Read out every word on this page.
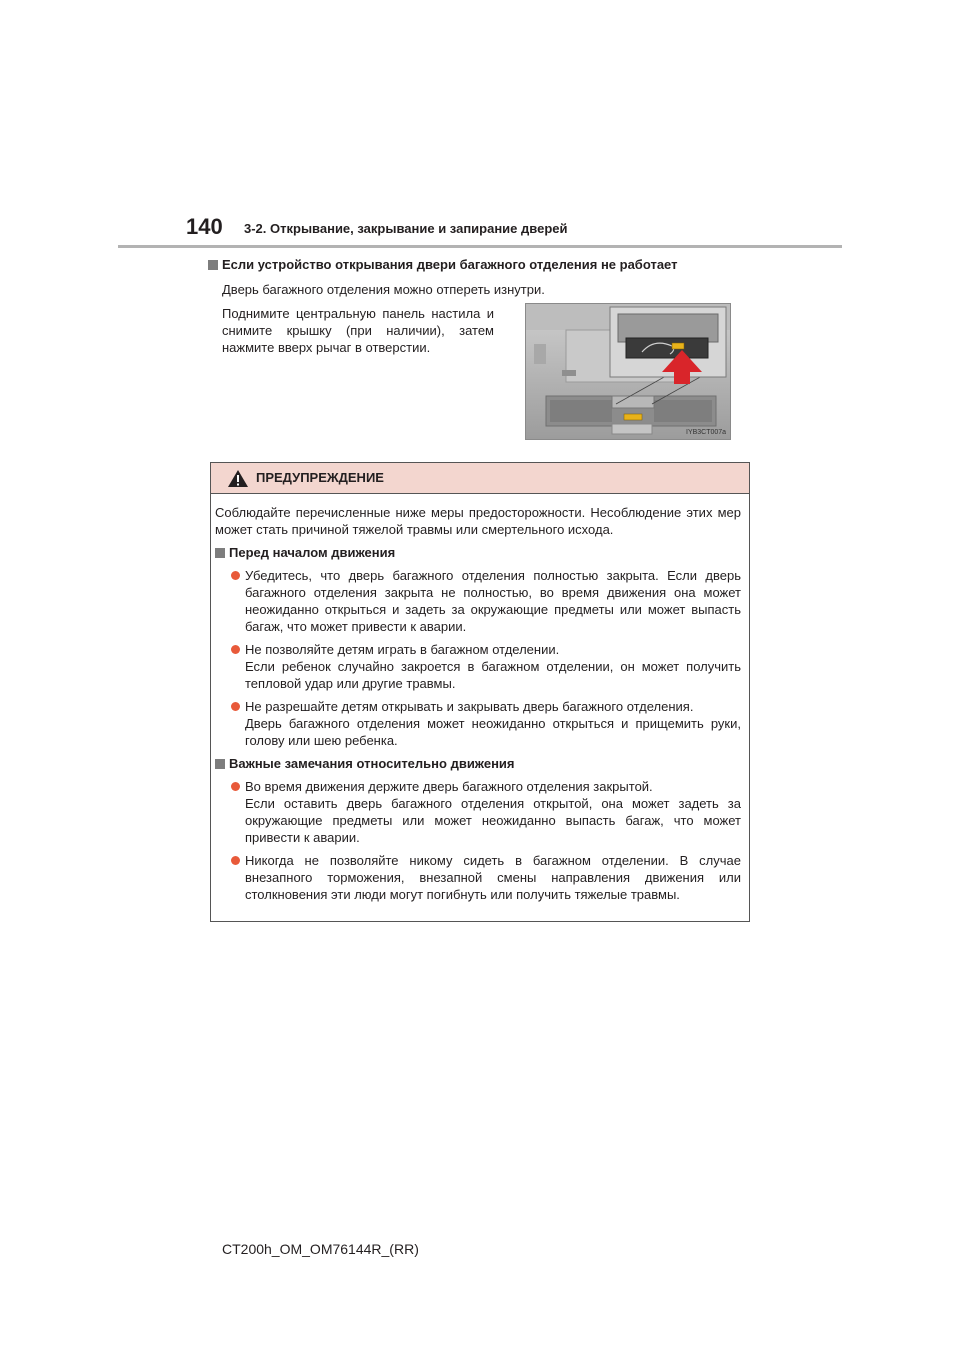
140 3-2. Открывание, закрывание и запирание дверей
Если устройство открывания двери багажного отделения не работает
Дверь багажного отделения можно отпереть изнутри.
Поднимите центральную панель настила и снимите крышку (при наличии), затем нажмите вверх рычаг в отверстии.
IYB3CT007a
ПРЕДУПРЕЖДЕНИЕ
Соблюдайте перечисленные ниже меры предосторожности. Несоблюдение этих мер может стать причиной тяжелой травмы или смертельного исхода.
Перед началом движения
Убедитесь, что дверь багажного отделения полностью закрыта. Если дверь багажного отделения закрыта не полностью, во время движения она может неожиданно открыться и задеть за окружающие предметы или может выпасть багаж, что может привести к аварии.
Не позволяйте детям играть в багажном отделении.
Если ребенок случайно закроется в багажном отделении, он может получить тепловой удар или другие травмы.
Не разрешайте детям открывать и закрывать дверь багажного отделения.
Дверь багажного отделения может неожиданно открыться и прищемить руки, голову или шею ребенка.
Важные замечания относительно движения
Во время движения держите дверь багажного отделения закрытой.
Если оставить дверь багажного отделения открытой, она может задеть за окружающие предметы или может неожиданно выпасть багаж, что может привести к аварии.
Никогда не позволяйте никому сидеть в багажном отделении. В случае внезапного торможения, внезапной смены направления движения или столкновения эти люди могут погибнуть или получить тяжелые травмы.
CT200h_OM_OM76144R_(RR)
